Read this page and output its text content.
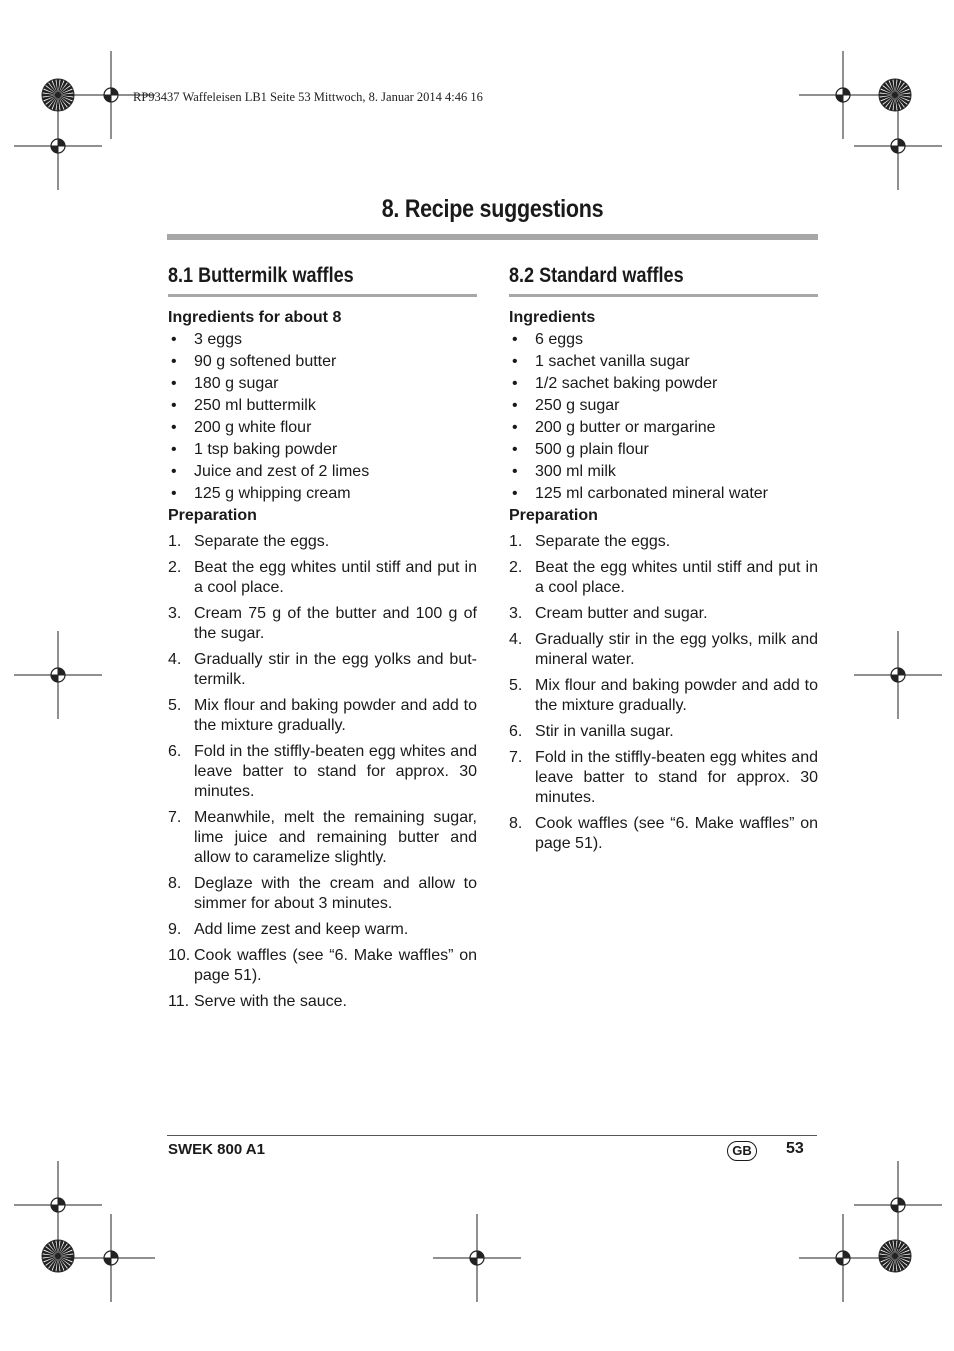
RP93437 Waffeleisen LB1 Seite 53 Mittwoch, 8. Januar 2014 4:46 16
8. Recipe suggestions
8.1 Buttermilk waffles

Ingredients for about 8

• 3 eggs
• 90 g softened butter
• 180 g sugar
• 250 ml buttermilk
• 200 g white flour
• 1 tsp baking powder
• Juice and zest of 2 limes
• 125 g whipping cream

Preparation

1. Separate the eggs.
2. Beat the egg whites until stiff and put in a cool place.
3. Cream 75 g of the butter and 100 g of the sugar.
4. Gradually stir in the egg yolks and but-termilk.
5. Mix flour and baking powder and add to the mixture gradually.
6. Fold in the stiffly-beaten egg whites and leave batter to stand for approx. 30 minutes.
7. Meanwhile, melt the remaining sugar, lime juice and remaining butter and allow to caramelize slightly.
8. Deglaze with the cream and allow to simmer for about 3 minutes.
9. Add lime zest and keep warm.
10. Cook waffles (see “6. Make waffles” on page 51).
11. Serve with the sauce.
8.2 Standard waffles

Ingredients

• 6 eggs
• 1 sachet vanilla sugar
• 1/2 sachet baking powder
• 250 g sugar
• 200 g butter or margarine
• 500 g plain flour
• 300 ml milk
• 125 ml carbonated mineral water

Preparation

1. Separate the eggs.
2. Beat the egg whites until stiff and put in a cool place.
3. Cream butter and sugar.
4. Gradually stir in the egg yolks, milk and mineral water.
5. Mix flour and baking powder and add to the mixture gradually.
6. Stir in vanilla sugar.
7. Fold in the stiffly-beaten egg whites and leave batter to stand for approx. 30 minutes.
8. Cook waffles (see “6. Make waffles” on page 51).
SWEK 800 A1	GB	53
